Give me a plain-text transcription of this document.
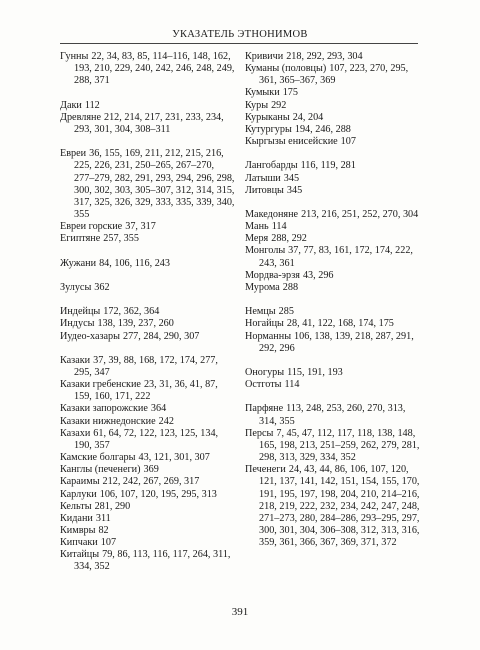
УКАЗАТЕЛЬ ЭТНОНИМОВ
Гунны 22, 34, 83, 85, 114–116, 148, 162, 193, 210, 229, 240, 242, 246, 248, 249, 288, 371
Даки 112
Древляне 212, 214, 217, 231, 233, 234, 293, 301, 304, 308–311
Евреи 36, 155, 169, 211, 212, 215, 216, 225, 226, 231, 250–265, 267–270, 277–279, 282, 291, 293, 294, 296, 298, 300, 302, 303, 305–307, 312, 314, 315, 317, 325, 326, 329, 333, 335, 339, 340, 355
Евреи горские 37, 317
Египтяне 257, 355
Жужани 84, 106, 116, 243
Зулусы 362
Индейцы 172, 362, 364
Индусы 138, 139, 237, 260
Иудео-хазары 277, 284, 290, 307
Казаки 37, 39, 88, 168, 172, 174, 277, 295, 347
Казаки гребенские 23, 31, 36, 41, 87, 159, 160, 171, 222
Казаки запорожские 364
Казаки нижнедонские 242
Казахи 61, 64, 72, 122, 123, 125, 134, 190, 357
Камские болгары 43, 121, 301, 307
Канглы (печенеги) 369
Караимы 212, 242, 267, 269, 317
Карлуки 106, 107, 120, 195, 295, 313
Кельты 281, 290
Кидани 311
Кимвры 82
Кипчаки 107
Китайцы 79, 86, 113, 116, 117, 264, 311, 334, 352
Кривичи 218, 292, 293, 304
Куманы (половцы) 107, 223, 270, 295, 361, 365–367, 369
Кумыки 175
Куры 292
Курыканы 24, 204
Кутургуры 194, 246, 288
Кыргызы енисейские 107
Лангобарды 116, 119, 281
Латыши 345
Литовцы 345
Македоняне 213, 216, 251, 252, 270, 304
Мань 114
Меря 288, 292
Монголы 37, 77, 83, 161, 172, 174, 222, 243, 361
Мордва-эрзя 43, 296
Мурома 288
Немцы 285
Ногайцы 28, 41, 122, 168, 174, 175
Норманны 106, 138, 139, 218, 287, 291, 292, 296
Оногуры 115, 191, 193
Остготы 114
Парфяне 113, 248, 253, 260, 270, 313, 314, 355
Персы 7, 45, 47, 112, 117, 118, 138, 148, 165, 198, 213, 251–259, 262, 279, 281, 298, 313, 329, 334, 352
Печенеги 24, 43, 44, 86, 106, 107, 120, 121, 137, 141, 142, 151, 154, 155, 170, 191, 195, 197, 198, 204, 210, 214–216, 218, 219, 222, 232, 234, 242, 247, 248, 271–273, 280, 284–286, 293–295, 297, 300, 301, 304, 306–308, 312, 313, 316, 359, 361, 366, 367, 369, 371, 372
391
